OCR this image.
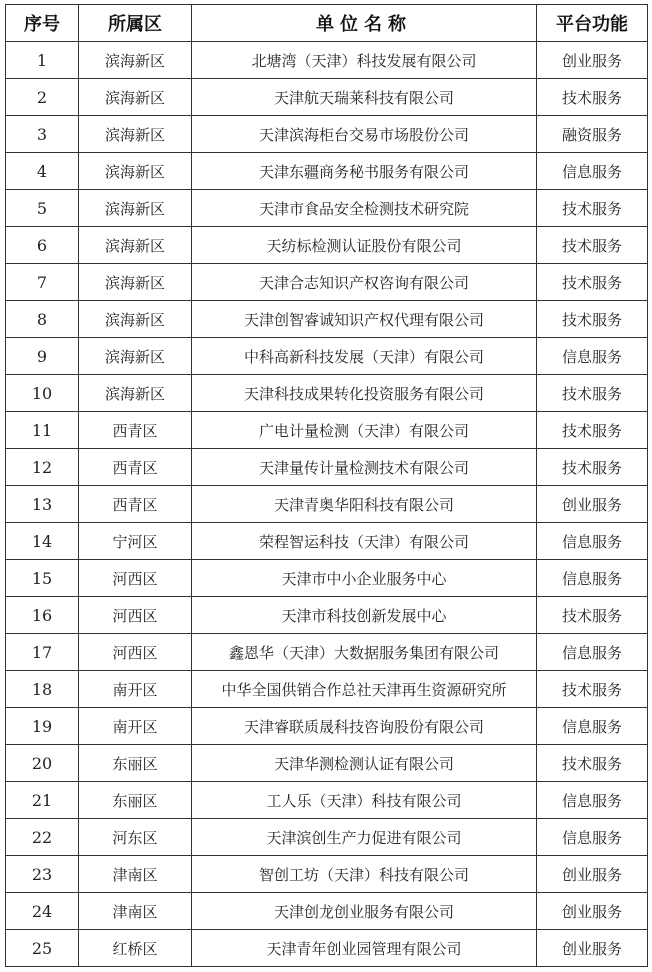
序号	所属区	单位名称	平台功能
1	滨海新区	北塘湾（天津）科技发展有限公司	创业服务
2	滨海新区	天津航天瑞莱科技有限公司	技术服务
3	滨海新区	天津滨海柜台交易市场股份公司	融资服务
4	滨海新区	天津东疆商务秘书服务有限公司	信息服务
5	滨海新区	天津市食品安全检测技术研究院	技术服务
6	滨海新区	天纺标检测认证股份有限公司	技术服务
7	滨海新区	天津合志知识产权咨询有限公司	技术服务
8	滨海新区	天津创智睿诚知识产权代理有限公司	技术服务
9	滨海新区	中科高新科技发展（天津）有限公司	信息服务
10	滨海新区	天津科技成果转化投资服务有限公司	技术服务
11	西青区	广电计量检测（天津）有限公司	技术服务
12	西青区	天津量传计量检测技术有限公司	技术服务
13	西青区	天津青奥华阳科技有限公司	创业服务
14	宁河区	荣程智运科技（天津）有限公司	信息服务
15	河西区	天津市中小企业服务中心	信息服务
16	河西区	天津市科技创新发展中心	技术服务
17	河西区	鑫恩华（天津）大数据服务集团有限公司	信息服务
18	南开区	中华全国供销合作总社天津再生资源研究所	技术服务
19	南开区	天津睿联质晟科技咨询股份有限公司	信息服务
20	东丽区	天津华测检测认证有限公司	技术服务
21	东丽区	工人乐（天津）科技有限公司	信息服务
22	河东区	天津滨创生产力促进有限公司	信息服务
23	津南区	智创工坊（天津）科技有限公司	创业服务
24	津南区	天津创龙创业服务有限公司	创业服务
25	红桥区	天津青年创业园管理有限公司	创业服务
